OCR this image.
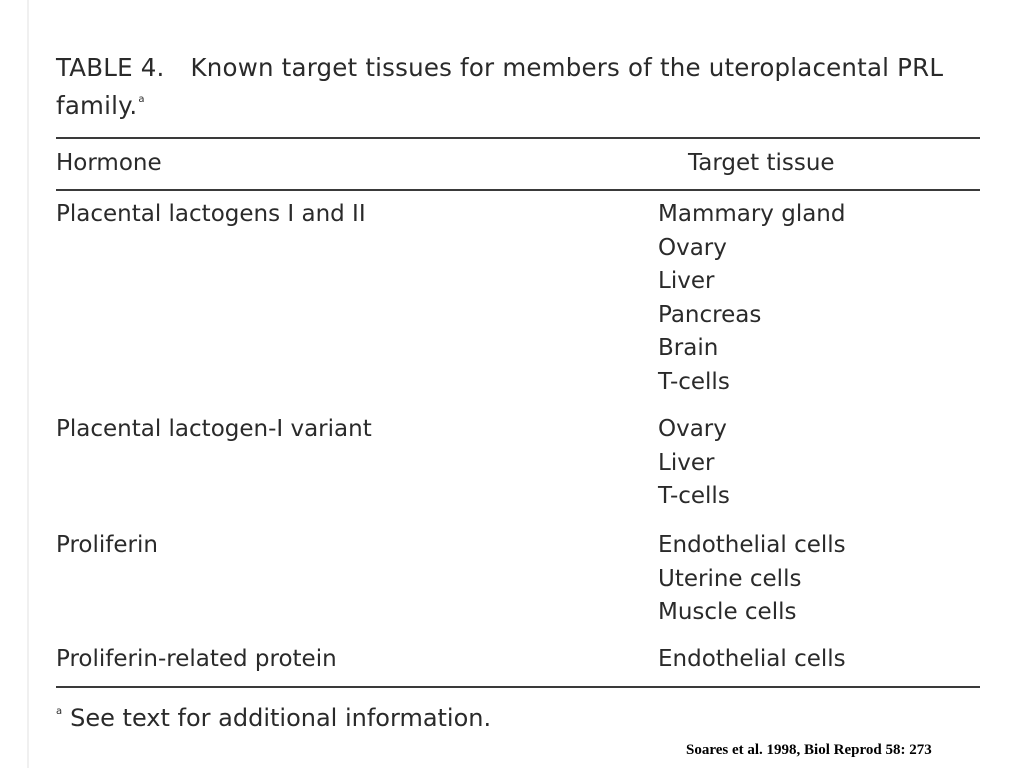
TABLE 4. Known target tissues for members of the uteroplacental PRL family.$^a$
Hormone	Target tissue
Placental lactogens I and II	Mammary gland
Ovary
Liver
Pancreas
Brain
T-cells
Placental lactogen-I variant	Ovary
Liver
T-cells
Proliferin	Endothelial cells
Uterine cells
Muscle cells
Proliferin-related protein	Endothelial cells
$^a$ See text for additional information.
Soares et al. 1998, Biol Reprod 58: 273
